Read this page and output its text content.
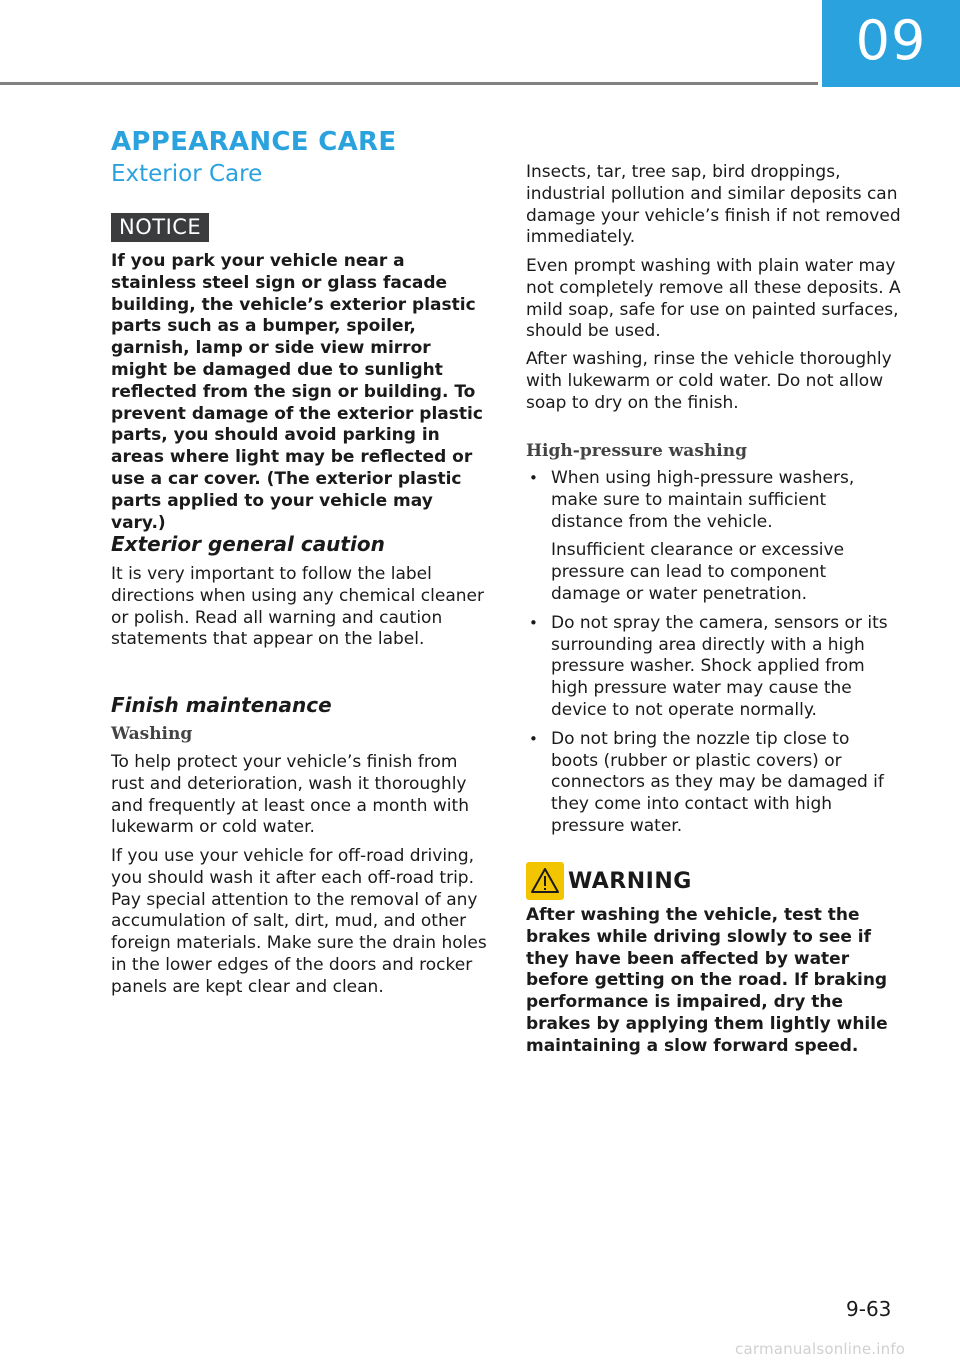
09
APPEARANCE CARE
Exterior Care
NOTICE

If you park your vehicle near a stainless steel sign or glass facade building, the vehicle’s exterior plastic parts such as a bumper, spoiler, garnish, lamp or side view mirror might be damaged due to sunlight reflected from the sign or building. To prevent damage of the exterior plastic parts, you should avoid parking in areas where light may be reflected or use a car cover. (The exterior plastic parts applied to your vehicle may vary.)

Exterior general caution

It is very important to follow the label directions when using any chemical cleaner or polish. Read all warning and caution statements that appear on the label.

Finish maintenance
Washing

To help protect your vehicle’s finish from rust and deterioration, wash it thoroughly and frequently at least once a month with lukewarm or cold water.

If you use your vehicle for off-road driving, you should wash it after each off-road trip. Pay special attention to the removal of any accumulation of salt, dirt, mud, and other foreign materials. Make sure the drain holes in the lower edges of the doors and rocker panels are kept clear and clean.

Insects, tar, tree sap, bird droppings, industrial pollution and similar deposits can damage your vehicle’s finish if not removed immediately.

Even prompt washing with plain water may not completely remove all these deposits. A mild soap, safe for use on painted surfaces, should be used.

After washing, rinse the vehicle thoroughly with lukewarm or cold water. Do not allow soap to dry on the finish.

High-pressure washing
• When using high-pressure washers, make sure to maintain sufficient distance from the vehicle.
Insufficient clearance or excessive pressure can lead to component damage or water penetration.
• Do not spray the camera, sensors or its surrounding area directly with a high pressure washer. Shock applied from high pressure water may cause the device to not operate normally.
• Do not bring the nozzle tip close to boots (rubber or plastic covers) or connectors as they may be damaged if they come into contact with high pressure water.
WARNING

After washing the vehicle, test the brakes while driving slowly to see if they have been affected by water before getting on the road. If braking performance is impaired, dry the brakes by applying them lightly while maintaining a slow forward speed.

9-63
carmanualsonline.info
